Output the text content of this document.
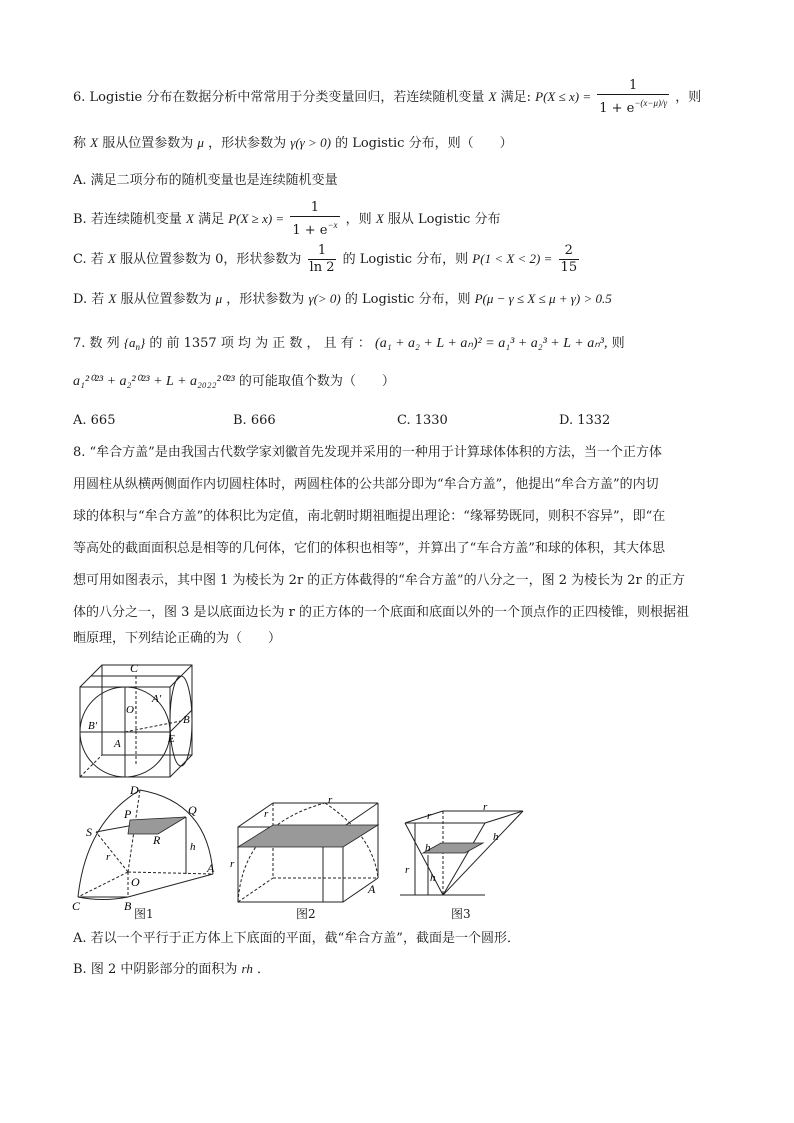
6. Logistie 分布在数据分析中常常用于分类变量回归，若连续随机变量 X 满足: $P(X \le x) = \frac{1}{1 + e^{-(x-\mu)/\gamma}}$ ，则
称 X 服从位置参数为 μ ，形状参数为 γ(γ > 0) 的 Logistic 分布，则（　　）
A. 满足二项分布的随机变量也是连续随机变量
B. 若连续随机变量 X 满足 $P(X \ge x) = \frac{1}{1 + e^{-x}}$ ，则 X 服从 Logistic 分布
C. 若 X 服从位置参数为 0，形状参数为 $\frac{1}{\ln 2}$ 的 Logistic 分布，则 $P(1 < X < 2) = \frac{2}{15}$
D. 若 X 服从位置参数为 μ ，形状参数为 γ(> 0) 的 Logistic 分布，则 P(μ − γ ≤ X ≤ μ + γ) > 0.5
7. 数 列 $\{a_n\}$ 的 前 1357 项 均 为 正 数 ， 且 有 ： (a₁ + a₂ + L + aₙ)² = a₁³ + a₂³ + L + aₙ³, 则
a₁²⁰²³ + a₂²⁰²³ + L + a₂₀₂₂²⁰²³ 的可能取值个数为（　　）
A. 665	B. 666	C. 1330	D. 1332
8. “牟合方盖”是由我国古代数学家刘徽首先发现并采用的一种用于计算球体体积的方法，当一个正方体
用圆柱从纵横两侧面作内切圆柱体时，两圆柱体的公共部分即为“牟合方盖”，他提出“牟合方盖”的内切
球的体积与“牟合方盖”的体积比为定值，南北朝时期祖暅提出理论：“缘幂势既同，则积不容异”，即“在
等高处的截面面积总是相等的几何体，它们的体积也相等”，并算出了“车合方盖”和球的体积，其大体思
想可用如图表示，其中图 1 为棱长为 2r 的正方体截得的“牟合方盖”的八分之一，图 2 为棱长为 2r 的正方
体的八分之一，图 3 是以底面边长为 r 的正方体的一个底面和底面以外的一个顶点作的正四棱锥，则根据祖
暅原理，下列结论正确的为（　　）
C
A′
O′
B′	B
E
A
D
Q
P
S
R
r
h
O
A
C	B
r
r
r
A
r
r
h
h
h
r
图1	图2	图3
A. 若以一个平行于正方体上下底面的平面，截“牟合方盖”，截面是一个圆形．
B. 图 2 中阴影部分的面积为 rh ．
